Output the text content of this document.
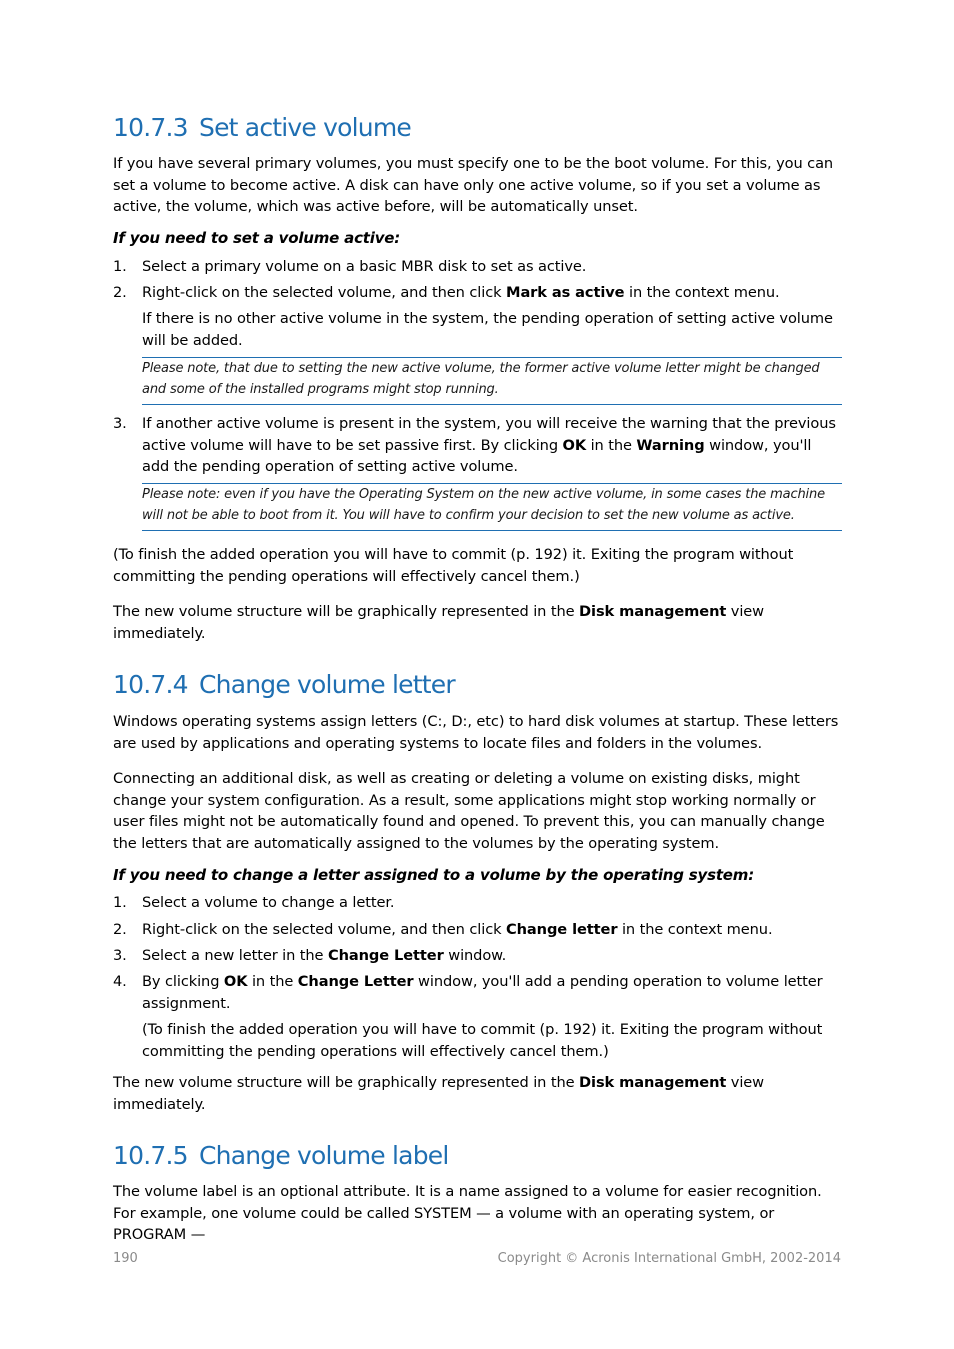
10.7.3 Set active volume

If you have several primary volumes, you must specify one to be the boot volume. For this, you can set a volume to become active. A disk can have only one active volume, so if you set a volume as active, the volume, which was active before, will be automatically unset.

If you need to set a volume active:

1. Select a primary volume on a basic MBR disk to set as active.
2. Right-click on the selected volume, and then click Mark as active in the context menu.
If there is no other active volume in the system, the pending operation of setting active volume will be added.
Please note, that due to setting the new active volume, the former active volume letter might be changed and some of the installed programs might stop running.
3. If another active volume is present in the system, you will receive the warning that the previous active volume will have to be set passive first. By clicking OK in the Warning window, you'll add the pending operation of setting active volume.
Please note: even if you have the Operating System on the new active volume, in some cases the machine will not be able to boot from it. You will have to confirm your decision to set the new volume as active.

(To finish the added operation you will have to commit (p. 192) it. Exiting the program without committing the pending operations will effectively cancel them.)

The new volume structure will be graphically represented in the Disk management view immediately.

10.7.4 Change volume letter

Windows operating systems assign letters (C:, D:, etc) to hard disk volumes at startup. These letters are used by applications and operating systems to locate files and folders in the volumes.

Connecting an additional disk, as well as creating or deleting a volume on existing disks, might change your system configuration. As a result, some applications might stop working normally or user files might not be automatically found and opened. To prevent this, you can manually change the letters that are automatically assigned to the volumes by the operating system.

If you need to change a letter assigned to a volume by the operating system:

1. Select a volume to change a letter.
2. Right-click on the selected volume, and then click Change letter in the context menu.
3. Select a new letter in the Change Letter window.
4. By clicking OK in the Change Letter window, you'll add a pending operation to volume letter assignment.
(To finish the added operation you will have to commit (p. 192) it. Exiting the program without committing the pending operations will effectively cancel them.)

The new volume structure will be graphically represented in the Disk management view immediately.

10.7.5 Change volume label

The volume label is an optional attribute. It is a name assigned to a volume for easier recognition. For example, one volume could be called SYSTEM — a volume with an operating system, or PROGRAM —

190	Copyright © Acronis International GmbH, 2002-2014
